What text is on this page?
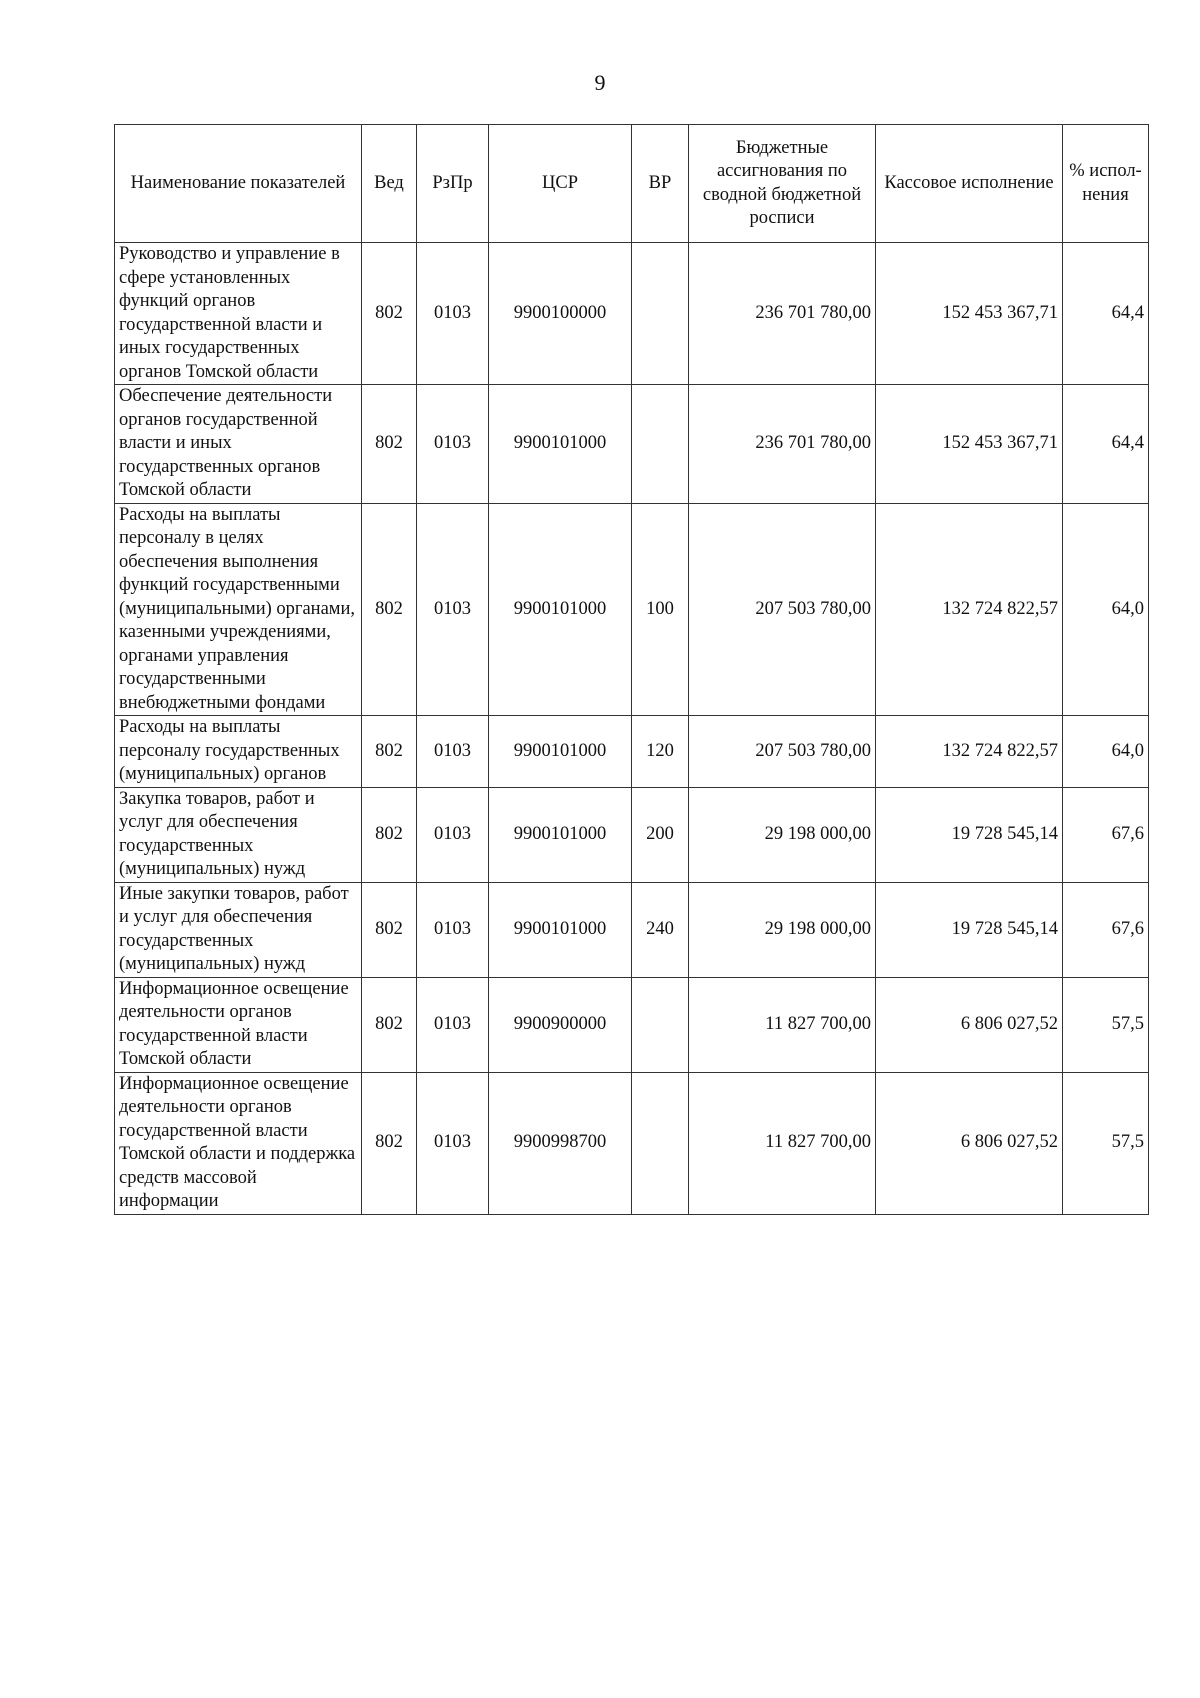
9
Наименование показателей	Вед	РзПр	ЦСР	ВР	Бюджетные ассигнования по сводной бюджетной росписи	Кассовое исполнение	% испол-нения
Руководство и управление в сфере установленных функций органов государственной власти и иных государственных органов Томской области	802	0103	9900100000		236 701 780,00	152 453 367,71	64,4
Обеспечение деятельности органов государственной власти и иных государственных органов Томской области	802	0103	9900101000		236 701 780,00	152 453 367,71	64,4
Расходы на выплаты персоналу в целях обеспечения выполнения функций государственными (муниципальными) органами, казенными учреждениями, органами управления государственными внебюджетными фондами	802	0103	9900101000	100	207 503 780,00	132 724 822,57	64,0
Расходы на выплаты персоналу государственных (муниципальных) органов	802	0103	9900101000	120	207 503 780,00	132 724 822,57	64,0
Закупка товаров, работ и услуг для обеспечения государственных (муниципальных) нужд	802	0103	9900101000	200	29 198 000,00	19 728 545,14	67,6
Иные закупки товаров, работ и услуг для обеспечения государственных (муниципальных) нужд	802	0103	9900101000	240	29 198 000,00	19 728 545,14	67,6
Информационное освещение деятельности органов государственной власти Томской области	802	0103	9900900000		11 827 700,00	6 806 027,52	57,5
Информационное освещение деятельности органов государственной власти Томской области и поддержка средств массовой информации	802	0103	9900998700		11 827 700,00	6 806 027,52	57,5
